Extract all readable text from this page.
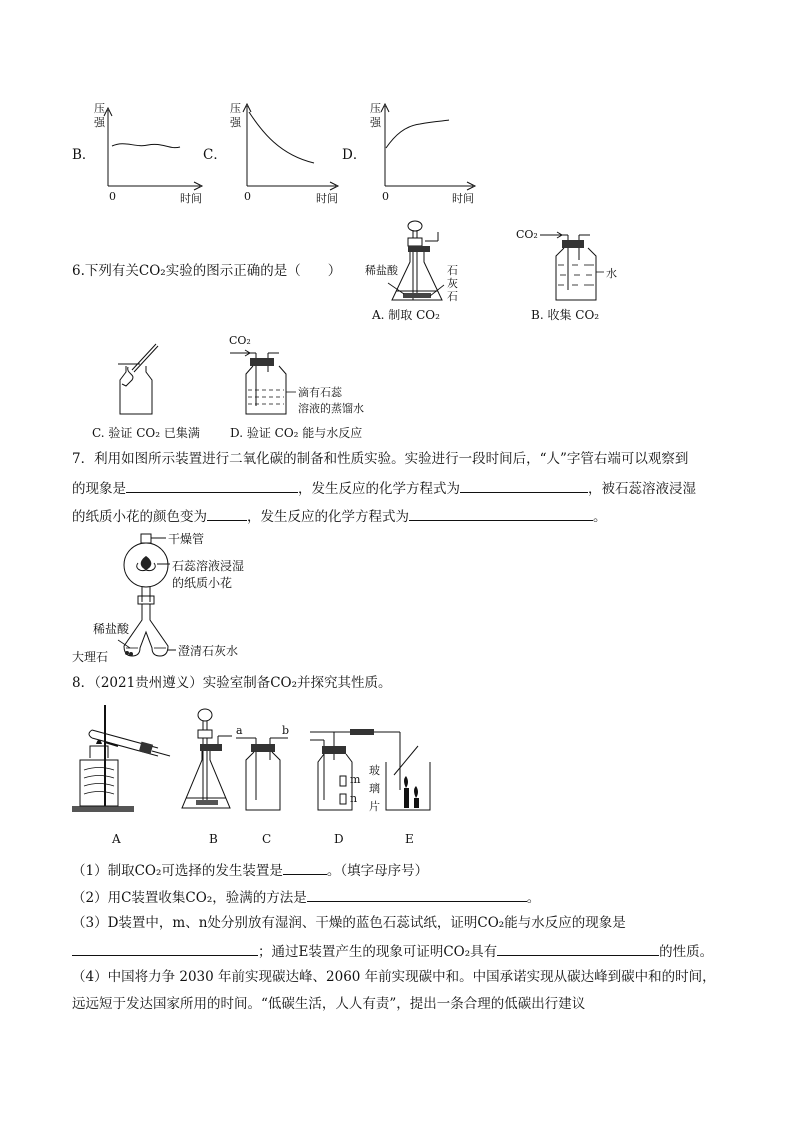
B．	C．	D．
压
强
0	时间
压
强
0	时间
压
强
0	时间
6.下列有关CO₂实验的图示正确的是（　　） 稀盐酸	石
灰
石
A. 制取 CO₂
CO₂
水
B. 收集 CO₂
C. 验证 CO₂ 已集满
CO₂
滴有石蕊
溶液的蒸馏水
D. 验证 CO₂ 能与水反应
7．利用如图所示装置进行二氧化碳的制备和性质实验。实验进行一段时间后，“人”字管右端可以观察到
的现象是	，发生反应的化学方程式为	，被石蕊溶液浸湿
的纸质小花的颜色变为	，发生反应的化学方程式为	。
干燥管
石蕊溶液浸湿
的纸质小花
稀盐酸
大理石	澄清石灰水
8．（2021贵州遵义）实验室制备CO₂并探究其性质。
a	b
m
n
玻
璃
片
A	B	C	D	E
（1）制取CO₂可选择的发生装置是	。（填字母序号）
（2）用C装置收集CO₂，验满的方法是	。
（3）D装置中，m、n处分别放有湿润、干燥的蓝色石蕊试纸，证明CO₂能与水反应的现象是
；通过E装置产生的现象可证明CO₂具有	的性质。
（4）中国将力争 2030 年前实现碳达峰、2060 年前实现碳中和。中国承诺实现从碳达峰到碳中和的时间，
远远短于发达国家所用的时间。“低碳生活，人人有责”，提出一条合理的低碳出行建议
